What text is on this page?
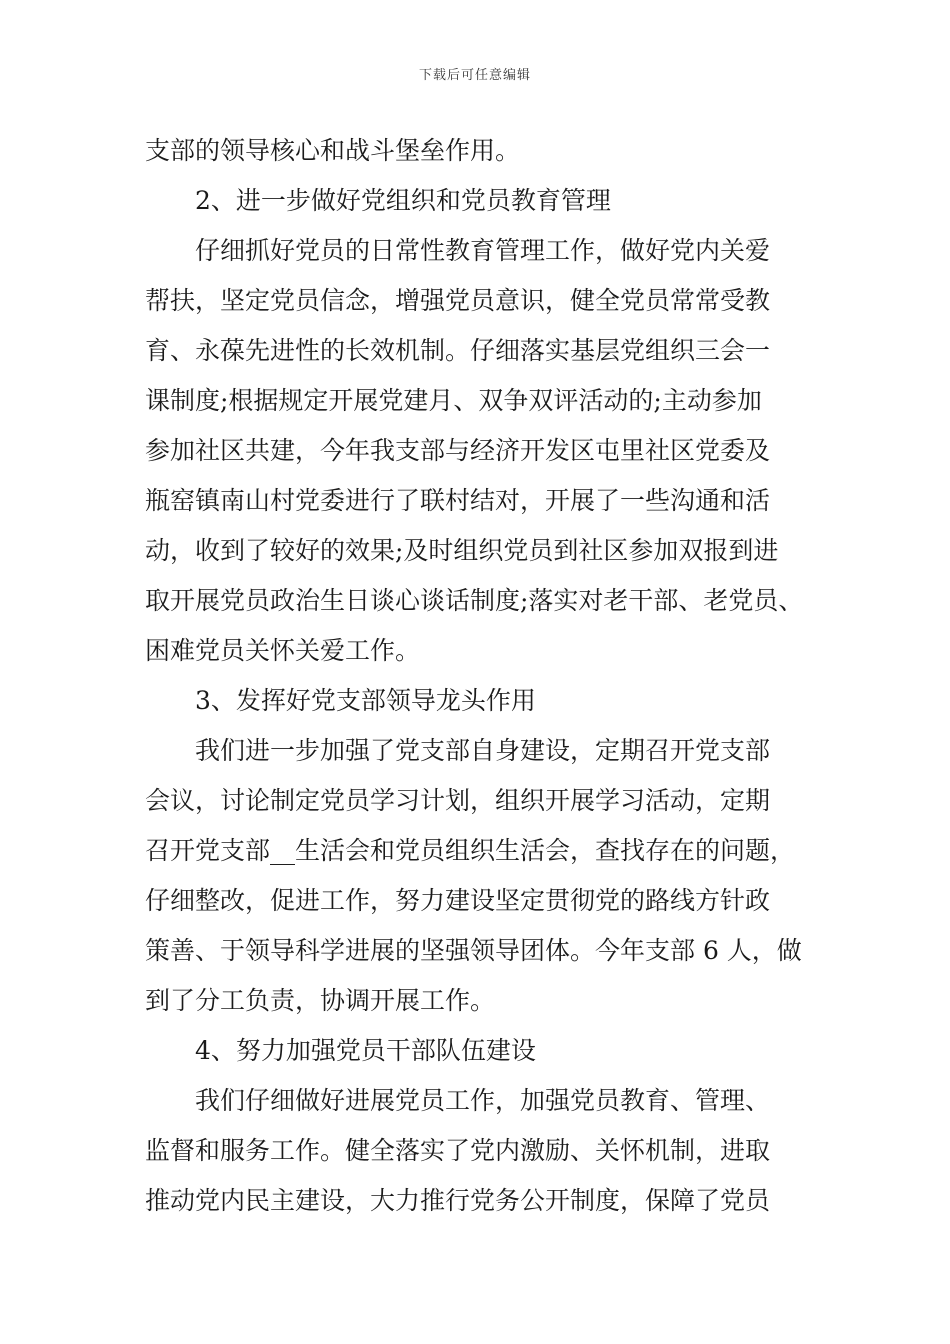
下载后可任意编辑
支部的领导核心和战斗堡垒作用。
2、进一步做好党组织和党员教育管理
仔细抓好党员的日常性教育管理工作，做好党内关爱
帮扶，坚定党员信念，增强党员意识，健全党员常常受教
育、永葆先进性的长效机制。仔细落实基层党组织三会一
课制度;根据规定开展党建月、双争双评活动的;主动参加
参加社区共建，今年我支部与经济开发区屯里社区党委及
瓶窑镇南山村党委进行了联村结对，开展了一些沟通和活
动，收到了较好的效果;及时组织党员到社区参加双报到进
取开展党员政治生日谈心谈话制度;落实对老干部、老党员、
困难党员关怀关爱工作。
3、发挥好党支部领导龙头作用
我们进一步加强了党支部自身建设，定期召开党支部
会议，讨论制定党员学习计划，组织开展学习活动，定期
召开党支部__生活会和党员组织生活会，查找存在的问题，
仔细整改，促进工作，努力建设坚定贯彻党的路线方针政
策善、于领导科学进展的坚强领导团体。今年支部 6 人，做
到了分工负责，协调开展工作。
4、努力加强党员干部队伍建设
我们仔细做好进展党员工作，加强党员教育、管理、
监督和服务工作。健全落实了党内激励、关怀机制，进取
推动党内民主建设，大力推行党务公开制度，保障了党员
